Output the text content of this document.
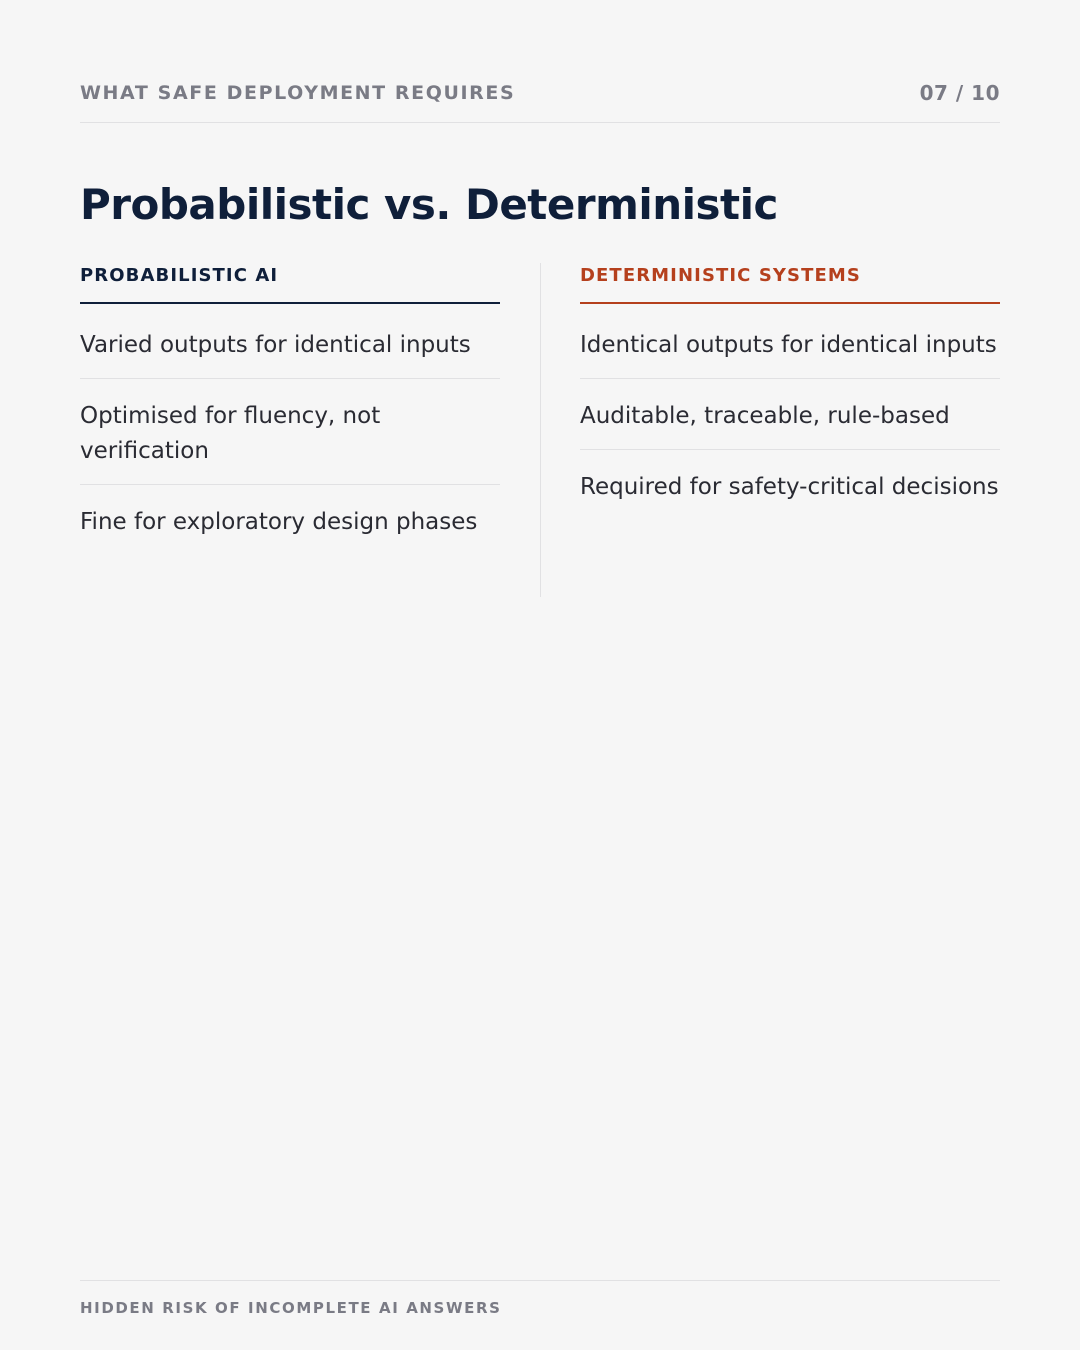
WHAT SAFE DEPLOYMENT REQUIRES	07 / 10
Probabilistic vs. Deterministic
PROBABILISTIC AI
Varied outputs for identical inputs
Optimised for fluency, not verification
Fine for exploratory design phases
DETERMINISTIC SYSTEMS
Identical outputs for identical inputs
Auditable, traceable, rule-based
Required for safety-critical decisions
HIDDEN RISK OF INCOMPLETE AI ANSWERS
